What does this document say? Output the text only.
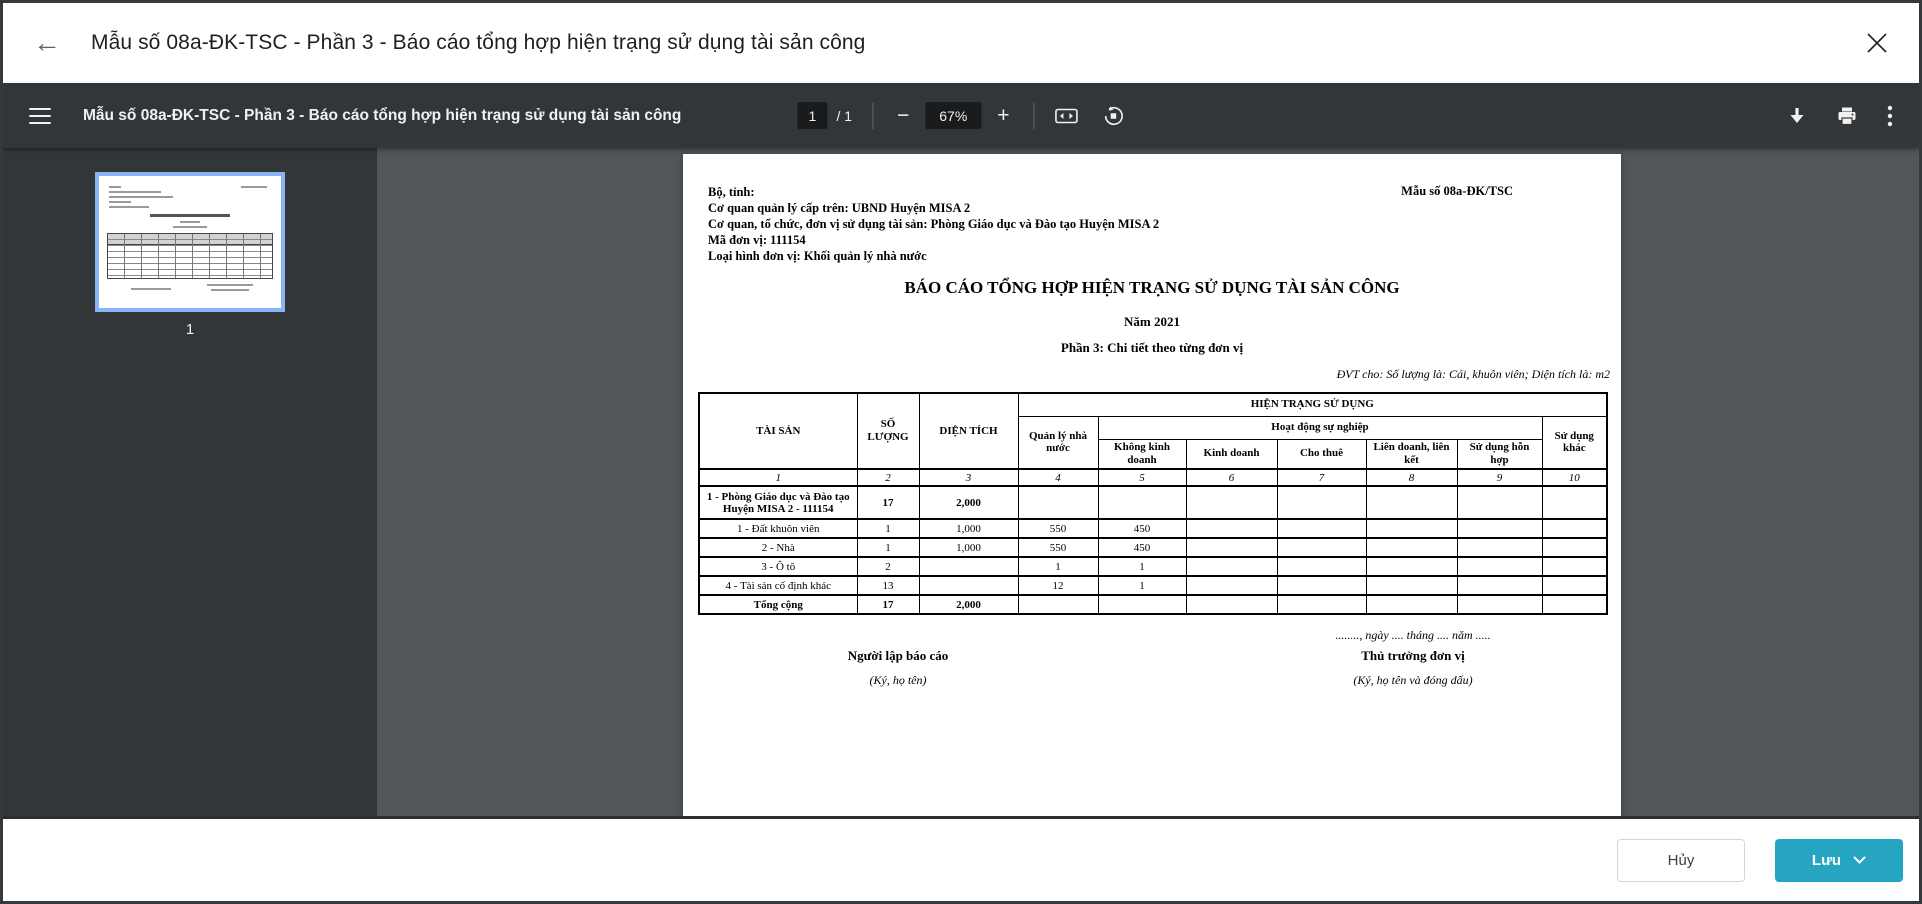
← Mẫu số 08a-ĐK-TSC - Phần 3 - Báo cáo tổng hợp hiện trạng sử dụng tài sản công
Mẫu số 08a-ĐK-TSC - Phần 3 - Báo cáo tổng hợp hiện trạng sử dụng tài sản công	1	/ 1 −	67%	+
1
Bộ, tỉnh:
Cơ quan quản lý cấp trên: UBND Huyện MISA 2
Cơ quan, tổ chức, đơn vị sử dụng tài sản: Phòng Giáo dục và Đào tạo Huyện MISA 2
Mã đơn vị: 111154
Loại hình đơn vị: Khối quản lý nhà nước
Mẫu số 08a-ĐK/TSC
BÁO CÁO TỔNG HỢP HIỆN TRẠNG SỬ DỤNG TÀI SẢN CÔNG
Năm 2021
Phần 3: Chi tiết theo từng đơn vị
ĐVT cho: Số lượng là: Cái, khuôn viên; Diện tích là: m2
TÀI SẢN	SỐ LƯỢNG	DIỆN TÍCH	HIỆN TRẠNG SỬ DỤNG						
			Quản lý nhà nước	Hoạt động sự nghiệp					Sử dụng khác
				Không kinh doanh	Kinh doanh	Cho thuê	Liên doanh, liên kết	Sử dụng hỗn hợp	
1	2	3	4	5	6	7	8	9	10
1 - Phòng Giáo dục và Đào tạo Huyện MISA 2 - 111154	17	2,000							
1 - Đất khuôn viên	1	1,000	550	450					
2 - Nhà	1	1,000	550	450					
3 - Ô tô	2		1	1					
4 - Tài sản cố định khác	13		12	1					
Tổng cộng	17	2,000							
Người lập báo cáo
(Ký, họ tên)
........, ngày .... tháng .... năm .....
Thủ trưởng đơn vị
(Ký, họ tên và đóng dấu)
Hủy	Lưu
